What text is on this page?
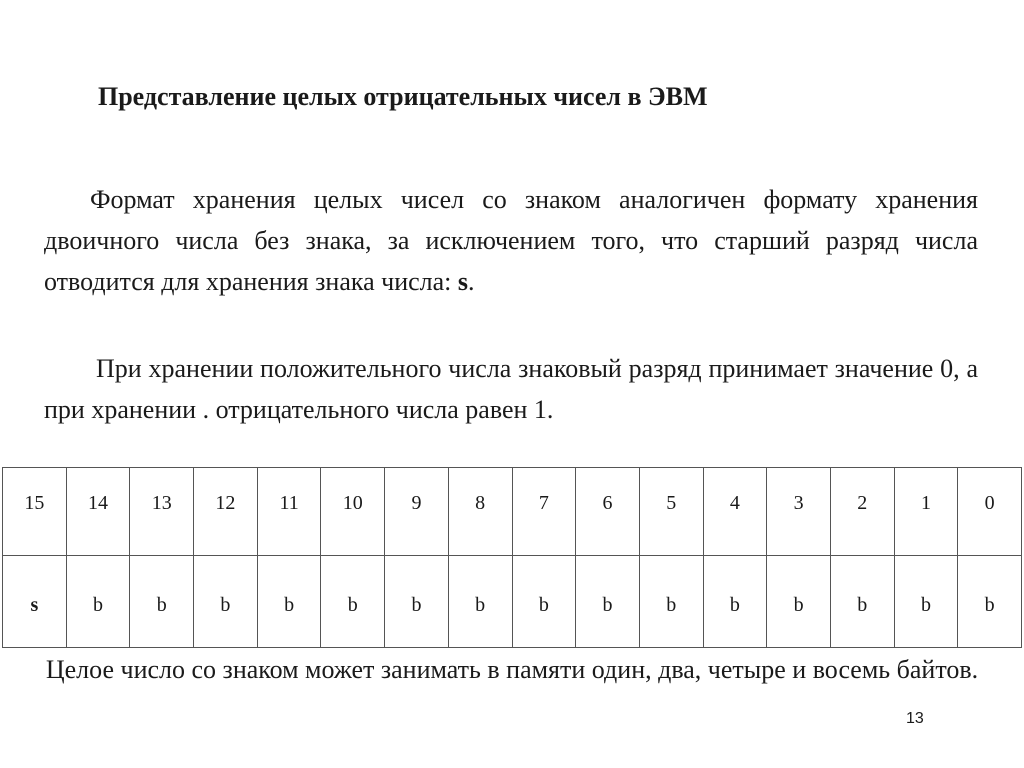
Представление целых отрицательных чисел в ЭВМ
Формат хранения целых чисел со знаком аналогичен формату хранения двоичного числа без знака, за исключением того, что старший разряд числа отводится для хранения знака числа: s.
При хранении положительного числа знаковый разряд принимает значение 0, а при хранении . отрицательного числа равен 1.
15	14	13	12	11	10	9	8	7	6	5	4	3	2	1	0
s	b	b	b	b	b	b	b	b	b	b	b	b	b	b	b
Целое число со знаком может занимать в памяти один, два, четыре и восемь байтов.
13
